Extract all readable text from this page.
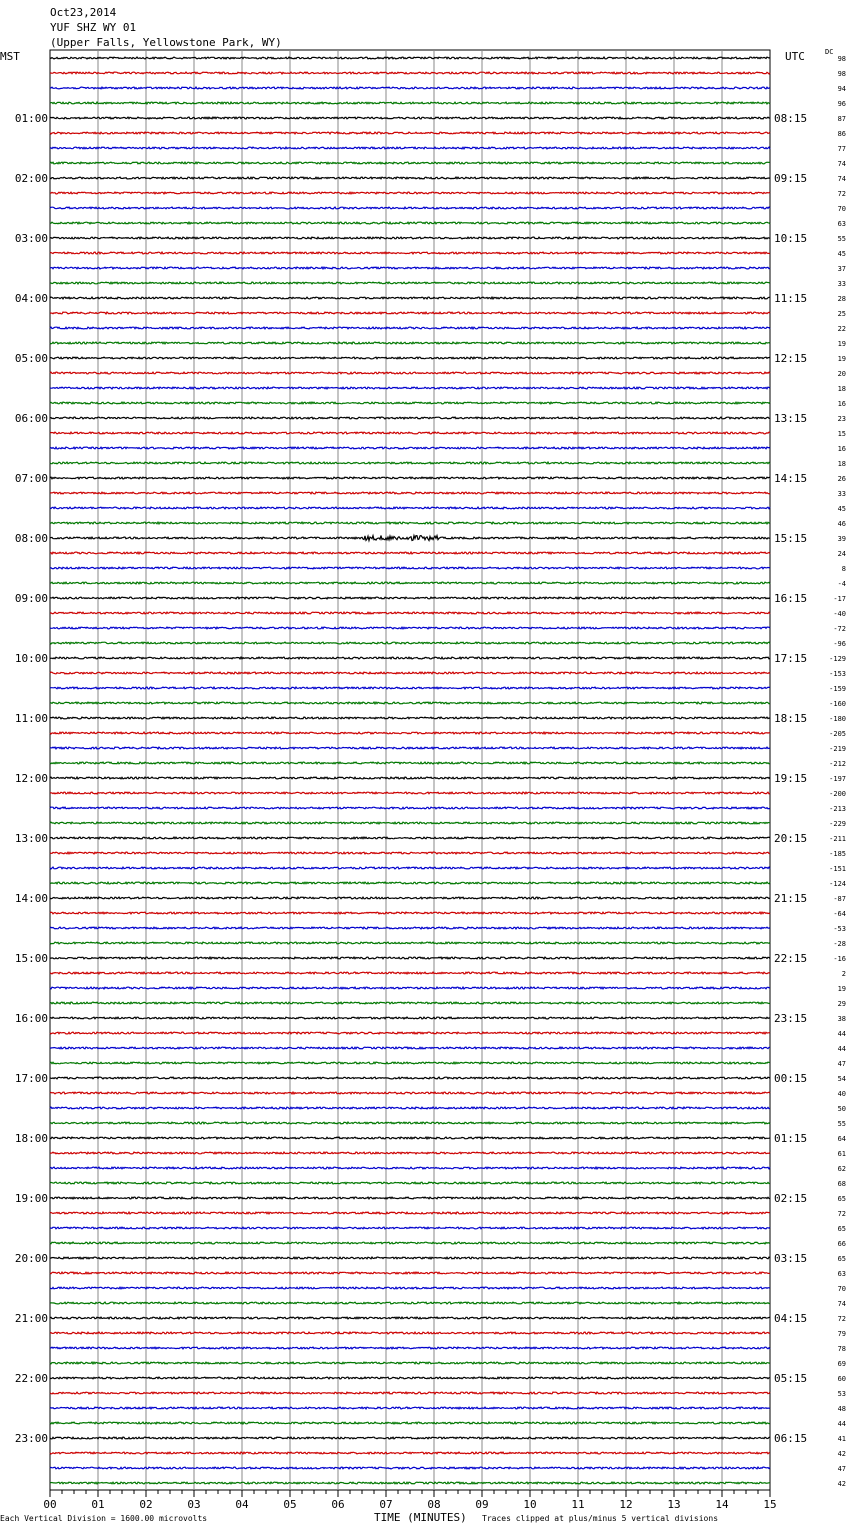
Oct23,2014
YUF SHZ WY 01
(Upper Falls, Yellowstone Park, WY)
MST	UTC	DC
98
98
94
96
87
86
77
74
74
72
70
63
55
45
37
33
28
25
22
19
19
20
18
16
23
15
16
18
26
33
45
46
39
24
8
-4
-17
-40
-72
-96
-129
-153
-159
-160
-180
-205
-219
-212
-197
-200
-213
-229
-211
-185
-151
-124
-87
-64
-53
-28
-16
2
19
29
38
44
44
47
54
40
50
55
64
61
62
68
65
72
65
66
65
63
70
74
72
79
78
69
60
53
48
44
41
42
47
42
01:00
02:00
03:00
04:00
05:00
06:00
07:00
08:00
09:00
10:00
11:00
12:00
13:00
14:00
15:00
16:00
17:00
18:00
19:00
20:00
21:00
22:00
23:00
08:15
09:15
10:15
11:15
12:15
13:15
14:15
15:15
16:15
17:15
18:15
19:15
20:15
21:15
22:15
23:15
00:15
01:15
02:15
03:15
04:15
05:15
06:15
00	01	02	03	04	05	06	07	08	09	10	11	12	13	14	15
Each Vertical Division = 1600.00 microvolts	TIME (MINUTES) Traces clipped at plus/minus 5 vertical divisions
